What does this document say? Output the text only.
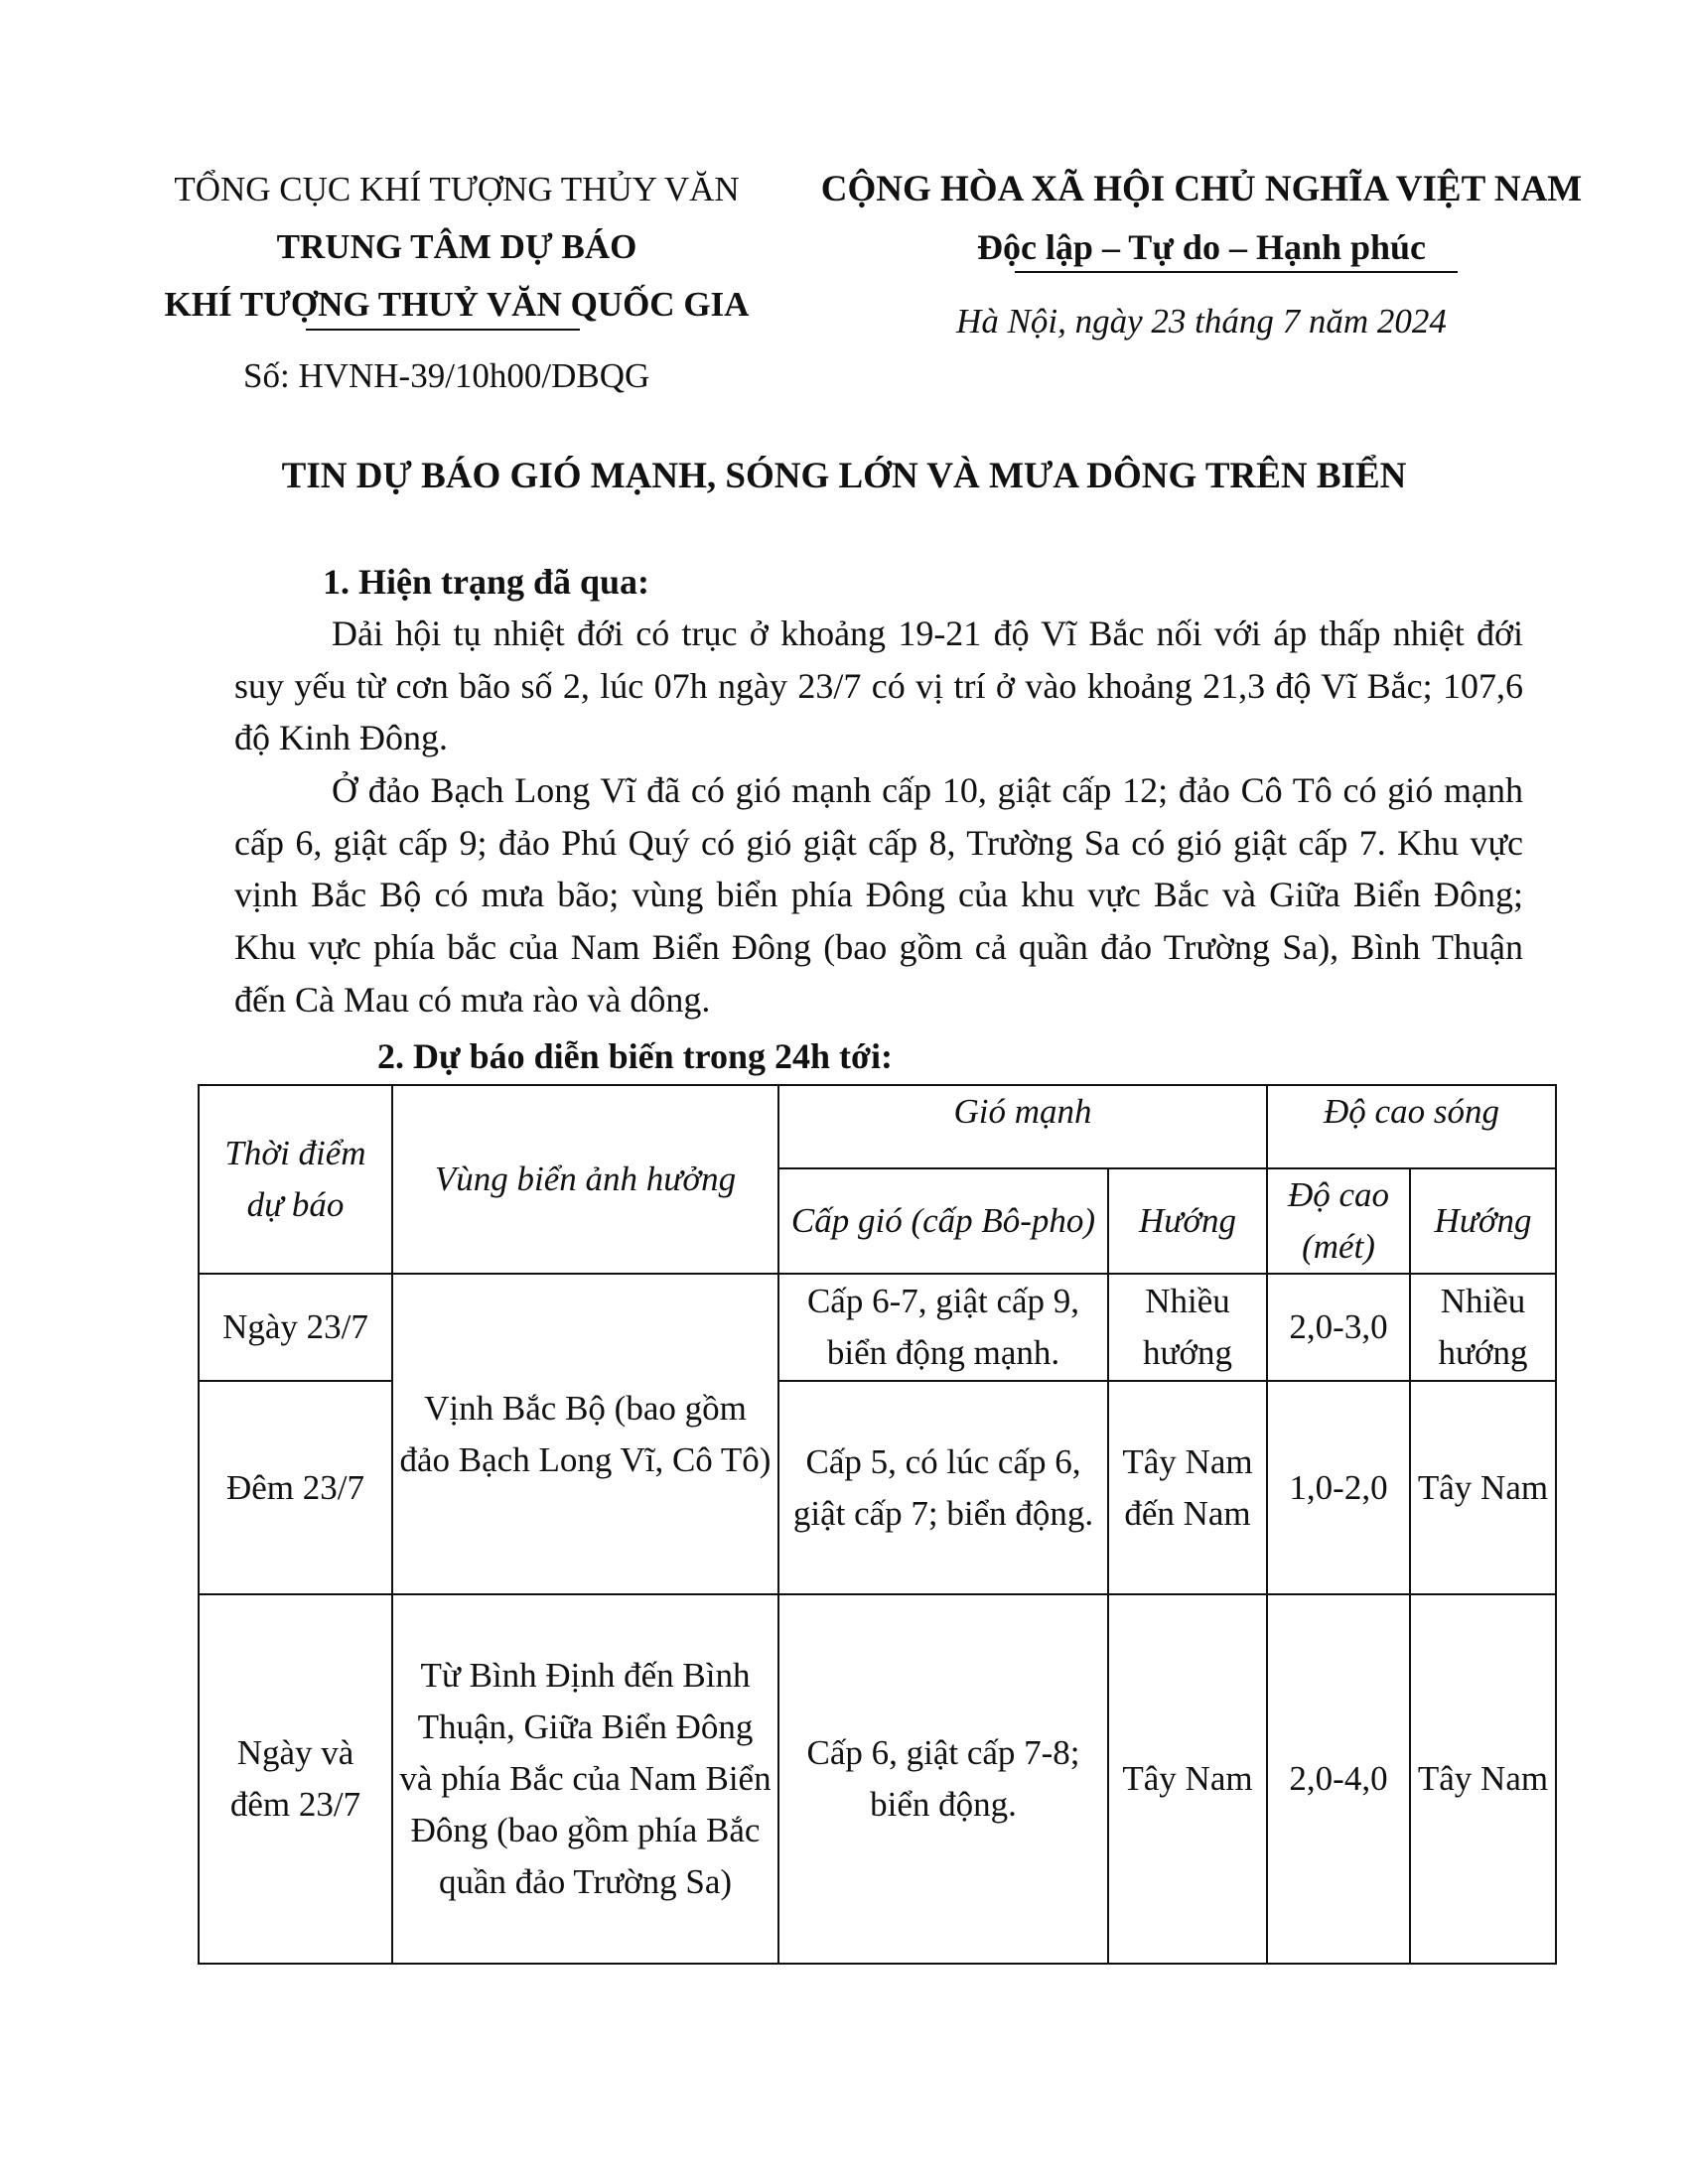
TỔNG CỤC KHÍ TƯỢNG THỦY VĂN
TRUNG TÂM DỰ BÁO
KHÍ TƯỢNG THUỶ VĂN QUỐC GIA
Số: HVNH-39/10h00/DBQG
CỘNG HÒA XÃ HỘI CHỦ NGHĨA VIỆT NAM
Độc lập – Tự do – Hạnh phúc
Hà Nội, ngày 23 tháng 7 năm 2024
TIN DỰ BÁO GIÓ MẠNH, SÓNG LỚN VÀ MƯA DÔNG TRÊN BIỂN
1. Hiện trạng đã qua:
Dải hội tụ nhiệt đới có trục ở khoảng 19-21 độ Vĩ Bắc nối với áp thấp nhiệt đới suy yếu từ cơn bão số 2, lúc 07h ngày 23/7 có vị trí ở vào khoảng 21,3 độ Vĩ Bắc; 107,6 độ Kinh Đông.
Ở đảo Bạch Long Vĩ đã có gió mạnh cấp 10, giật cấp 12; đảo Cô Tô có gió mạnh cấp 6, giật cấp 9; đảo Phú Quý có gió giật cấp 8, Trường Sa có gió giật cấp 7. Khu vực vịnh Bắc Bộ có mưa bão; vùng biển phía Đông của khu vực Bắc và Giữa Biển Đông; Khu vực phía bắc của Nam Biển Đông (bao gồm cả quần đảo Trường Sa), Bình Thuận đến Cà Mau có mưa rào và dông.
2. Dự báo diễn biến trong 24h tới:
Thời điểm dự báo	Vùng biển ảnh hưởng	Gió mạnh		Độ cao sóng	
		Cấp gió (cấp Bô-pho)	Hướng	Độ cao (mét)	Hướng
Ngày 23/7	Vịnh Bắc Bộ (bao gồm đảo Bạch Long Vĩ, Cô Tô)	Cấp 6-7, giật cấp 9, biển động mạnh.	Nhiều hướng	2,0-3,0	Nhiều hướng
Đêm 23/7		Cấp 5, có lúc cấp 6, giật cấp 7; biển động.	Tây Nam đến Nam	1,0-2,0	Tây Nam
Ngày và đêm 23/7	Từ Bình Định đến Bình Thuận, Giữa Biển Đông và phía Bắc của Nam Biển Đông (bao gồm phía Bắc quần đảo Trường Sa)	Cấp 6, giật cấp 7-8; biển động.	Tây Nam	2,0-4,0	Tây Nam
